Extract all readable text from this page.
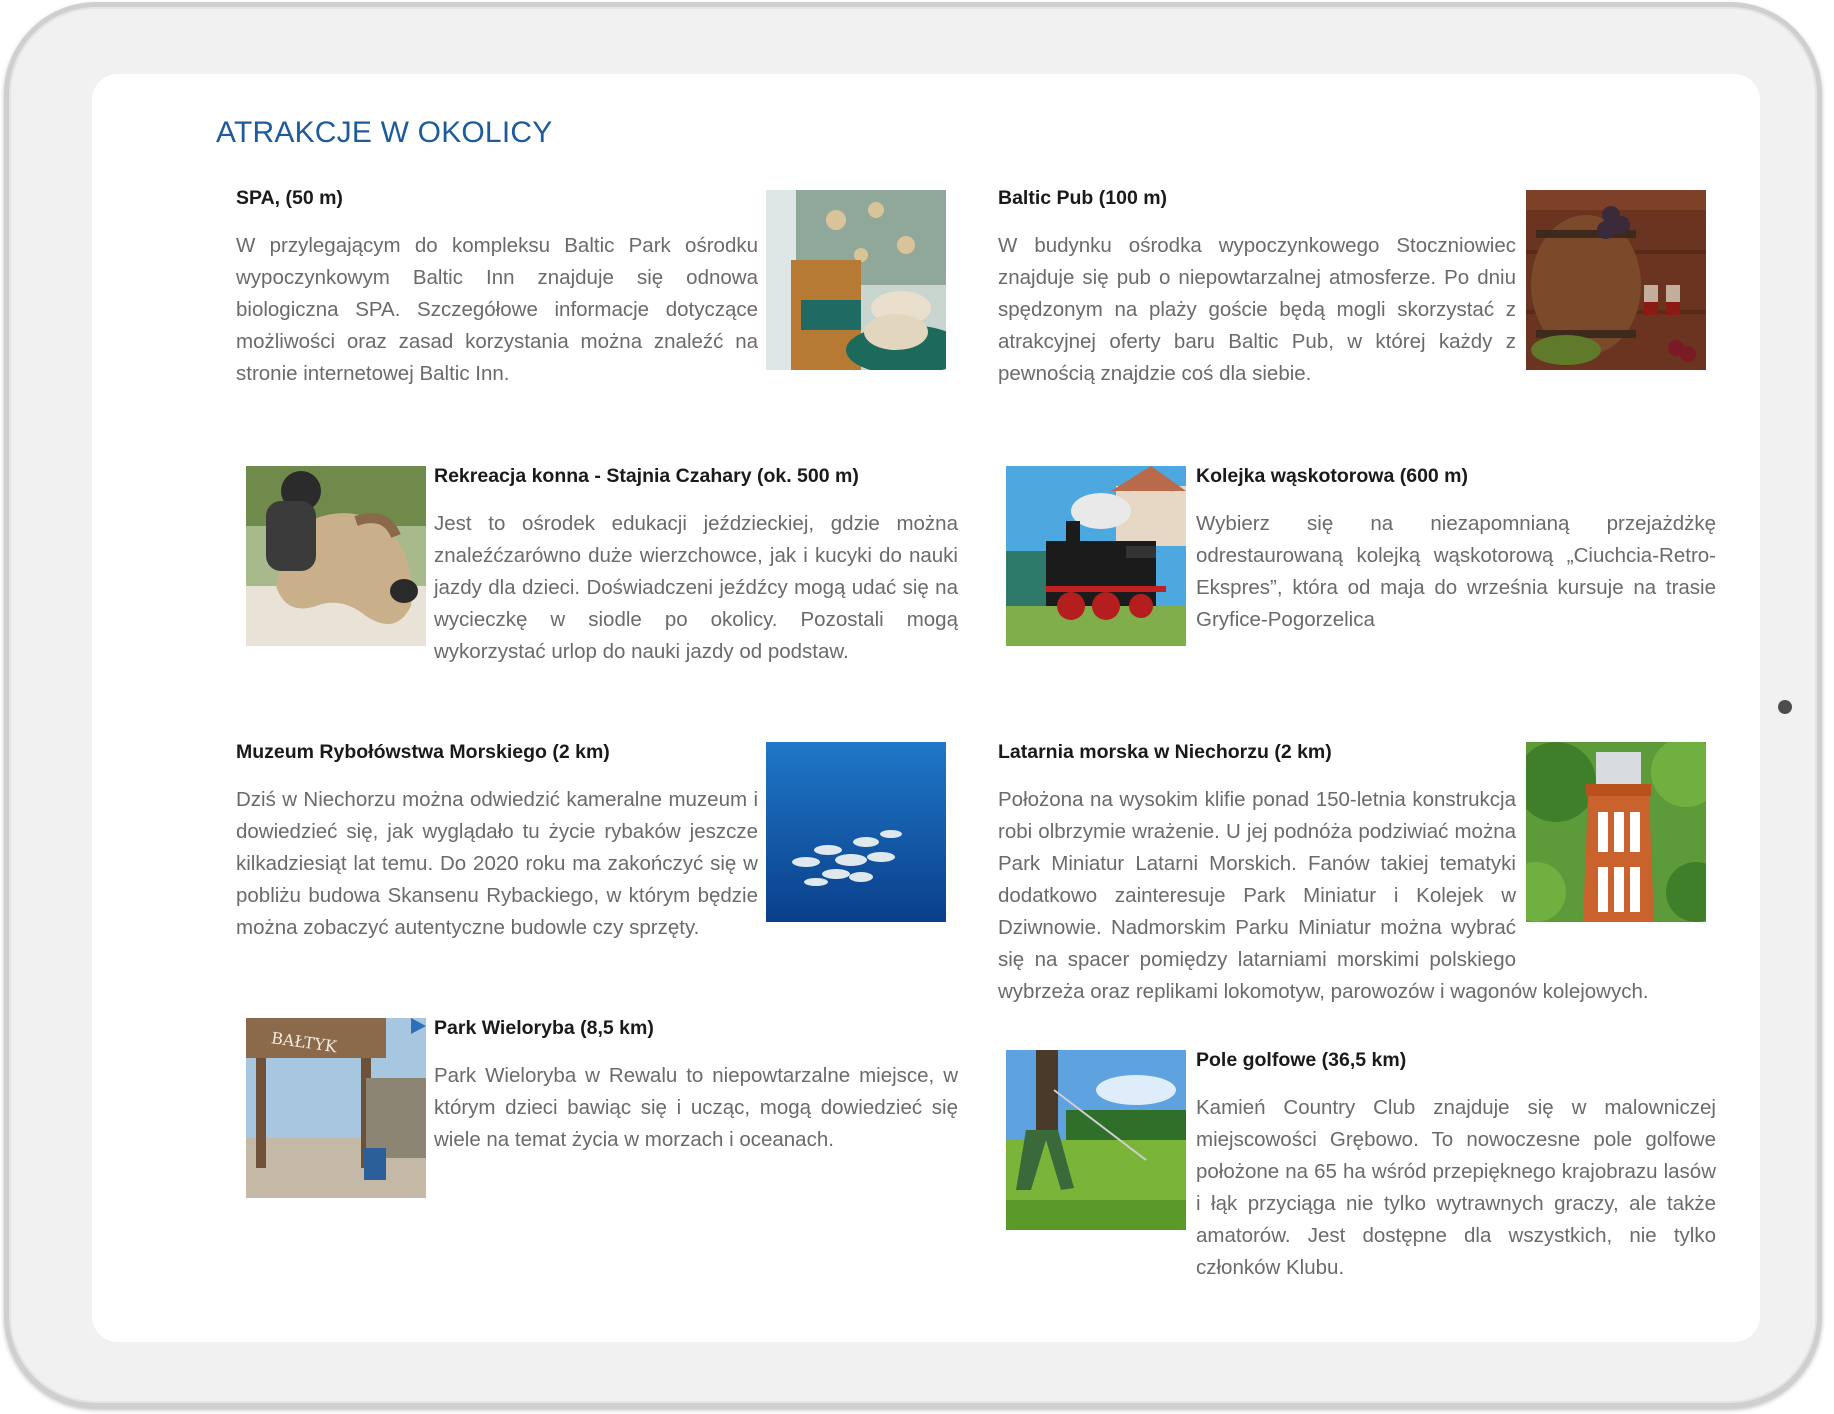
ATRAKCJE W OKOLICY
SPA, (50 m)

W przylegającym do kompleksu Baltic Park ośrodku wypoczynkowym Baltic Inn znajduje się odnowa biologiczna SPA. Szczegółowe informacje dotyczące możliwości oraz zasad korzystania można znaleźć na stronie internetowej Baltic Inn.

Baltic Pub (100 m)

W budynku ośrodka wypoczynkowego Stoczniowiec znajduje się pub o niepowtarzalnej atmosferze. Po dniu spędzonym na plaży goście będą mogli skorzystać z atrakcyjnej oferty baru Baltic Pub, w której każdy z pewnością znajdzie coś dla siebie.

Rekreacja konna - Stajnia Czahary (ok. 500 m)

Jest to ośrodek edukacji jeździeckiej, gdzie można znaleźćzarówno duże wierzchowce, jak i kucyki do nauki jazdy dla dzieci. Doświadczeni jeźdźcy mogą udać się na wycieczkę w siodle po okolicy. Pozostali mogą wykorzystać urlop do nauki jazdy od podstaw.

Kolejka wąskotorowa (600 m)

Wybierz się na niezapomnianą przejażdżkę odrestaurowaną kolejką wąskotorową „Ciuchcia-Retro-Ekspres”, która od maja do września kursuje na trasie Gryfice-Pogorzelica

Muzeum Rybołówstwa Morskiego (2 km)

Dziś w Niechorzu można odwiedzić kameralne muzeum i dowiedzieć się, jak wyglądało tu życie rybaków jeszcze kilkadziesiąt lat temu. Do 2020 roku ma zakończyć się w pobliżu budowa Skansenu Rybackiego, w którym będzie można zobaczyć autentyczne budowle czy sprzęty.

Latarnia morska w Niechorzu (2 km)

Położona na wysokim klifie ponad 150-letnia konstrukcja robi olbrzymie wrażenie. U jej podnóża podziwiać można Park Miniatur Latarni Morskich. Fanów takiej tematyki dodatkowo zainteresuje Park Miniatur i Kolejek w Dziwnowie. Nadmorskim Parku Miniatur można wybrać się na spacer pomiędzy latarniami morskimi polskiego wybrzeża oraz replikami lokomotyw, parowozów i wagonów kolejowych.

BAŁTYK
Park Wieloryba (8,5 km)

Park Wieloryba w Rewalu to niepowtarzalne miejsce, w którym dzieci bawiąc się i ucząc, mogą dowiedzieć się wiele na temat życia w morzach i oceanach.

Pole golfowe (36,5 km)

Kamień Country Club znajduje się w malowniczej miejscowości Grębowo. To nowoczesne pole golfowe położone na 65 ha wśród przepięknego krajobrazu lasów i łąk przyciąga nie tylko wytrawnych graczy, ale także amatorów. Jest dostępne dla wszystkich, nie tylko członków Klubu.
